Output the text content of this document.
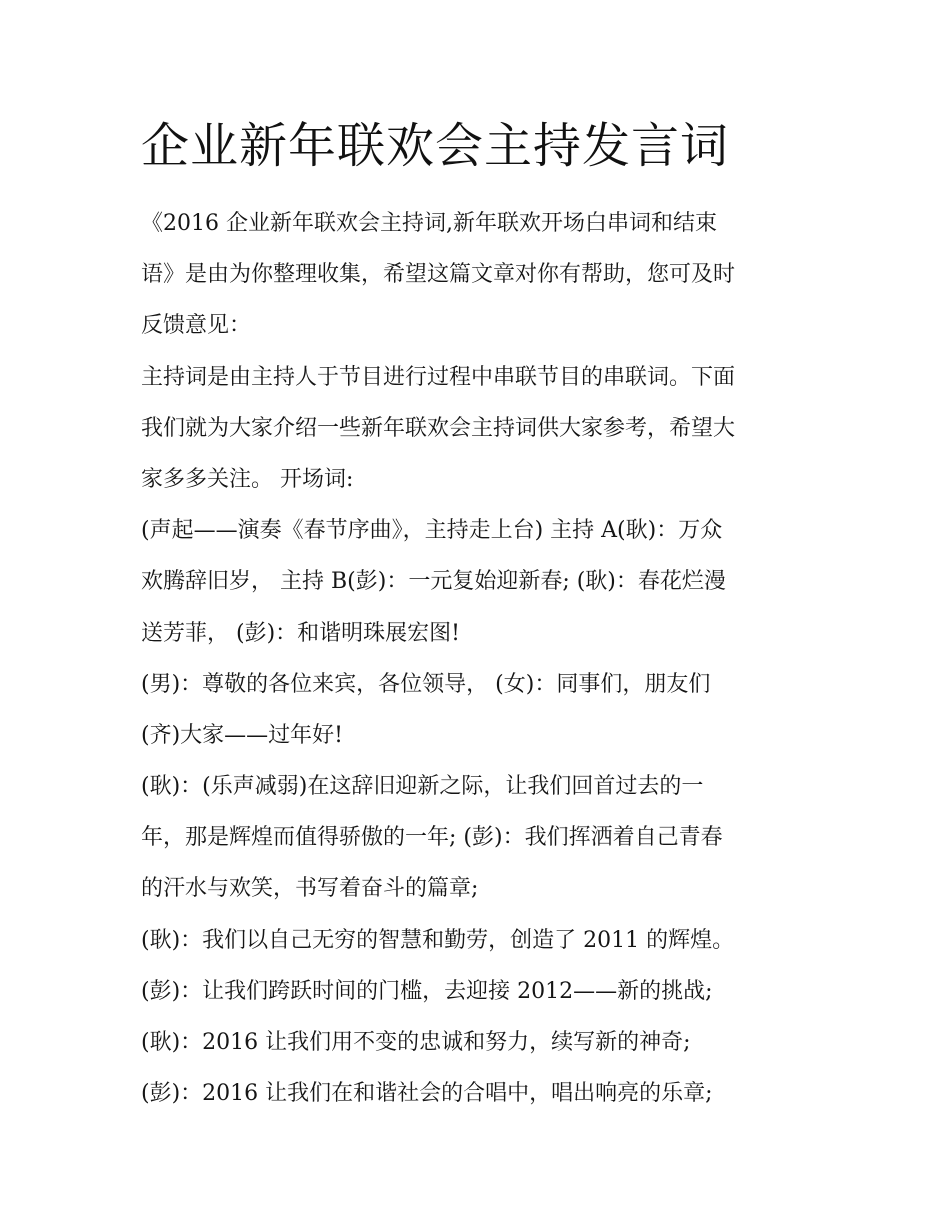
企业新年联欢会主持发言词
《2016 企业新年联欢会主持词,新年联欢开场白串词和结束
语》是由为你整理收集，希望这篇文章对你有帮助，您可及时
反馈意见：
主持词是由主持人于节目进行过程中串联节目的串联词。下面
我们就为大家介绍一些新年联欢会主持词供大家参考，希望大
家多多关注。 开场词:
(声起——演奏《春节序曲》，主持走上台) 主持 A(耿)：万众
欢腾辞旧岁， 主持 B(彭)：一元复始迎新春; (耿)：春花烂漫
送芳菲， (彭)：和谐明珠展宏图!
(男)：尊敬的各位来宾，各位领导， (女)：同事们，朋友们
(齐)大家——过年好!
(耿)：(乐声减弱)在这辞旧迎新之际，让我们回首过去的一
年，那是辉煌而值得骄傲的一年; (彭)：我们挥洒着自己青春
的汗水与欢笑，书写着奋斗的篇章;
(耿)：我们以自己无穷的智慧和勤劳，创造了 2011 的辉煌。
(彭)：让我们跨跃时间的门槛，去迎接 2012——新的挑战;
(耿)：2016 让我们用不变的忠诚和努力，续写新的神奇;
(彭)：2016 让我们在和谐社会的合唱中，唱出响亮的乐章;
